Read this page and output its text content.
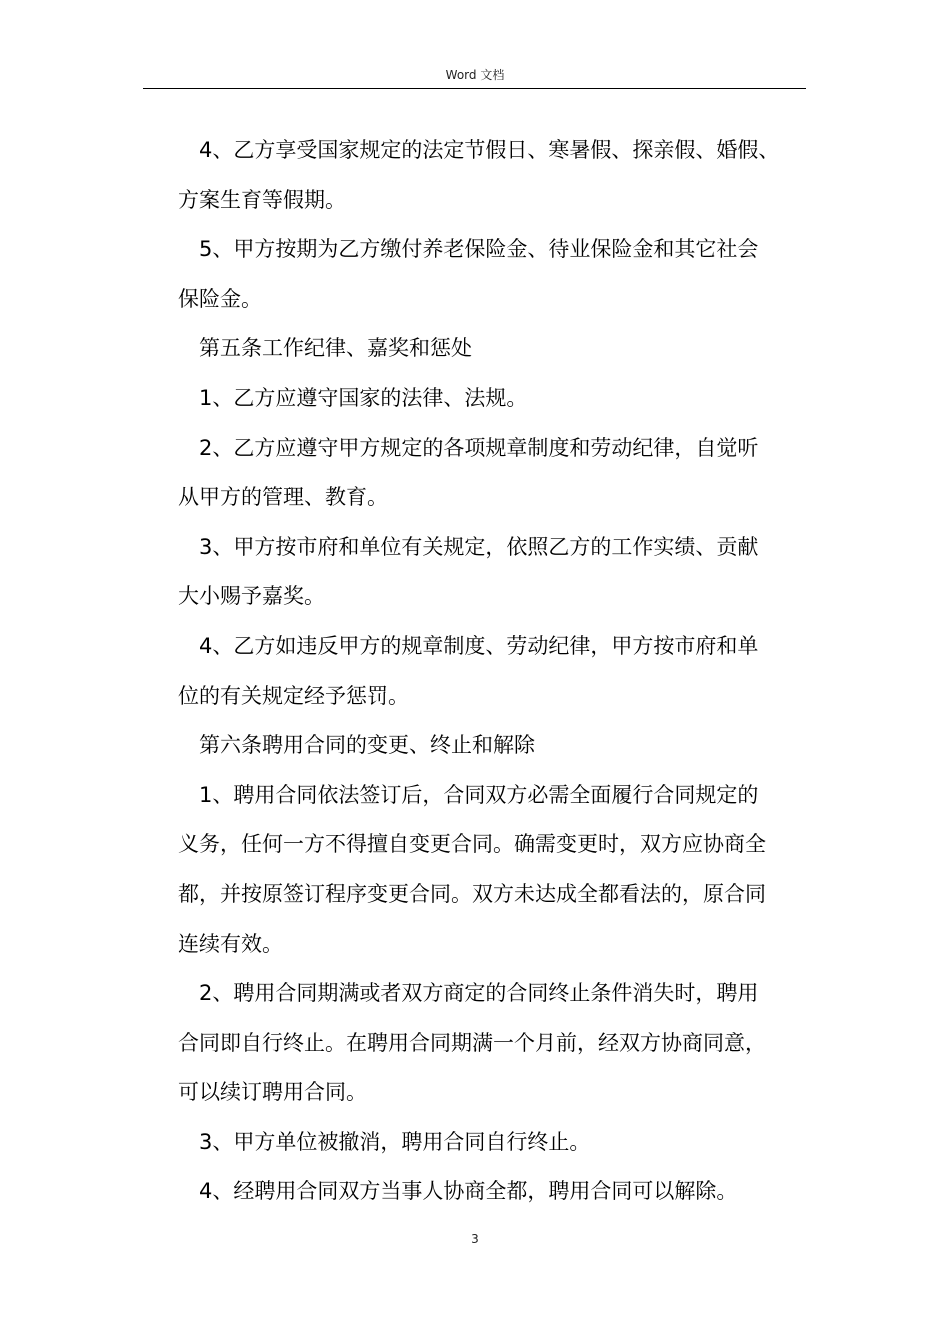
Word 文档
4、乙方享受国家规定的法定节假日、寒暑假、探亲假、婚假、
方案生育等假期。
5、甲方按期为乙方缴付养老保险金、待业保险金和其它社会
保险金。
第五条工作纪律、嘉奖和惩处
1、乙方应遵守国家的法律、法规。
2、乙方应遵守甲方规定的各项规章制度和劳动纪律，自觉听
从甲方的管理、教育。
3、甲方按市府和单位有关规定，依照乙方的工作实绩、贡献
大小赐予嘉奖。
4、乙方如违反甲方的规章制度、劳动纪律，甲方按市府和单
位的有关规定经予惩罚。
第六条聘用合同的变更、终止和解除
1、聘用合同依法签订后，合同双方必需全面履行合同规定的
义务，任何一方不得擅自变更合同。确需变更时，双方应协商全
都，并按原签订程序变更合同。双方未达成全都看法的，原合同
连续有效。
2、聘用合同期满或者双方商定的合同终止条件消失时，聘用
合同即自行终止。在聘用合同期满一个月前，经双方协商同意，
可以续订聘用合同。
3、甲方单位被撤消，聘用合同自行终止。
4、经聘用合同双方当事人协商全都，聘用合同可以解除。
3
